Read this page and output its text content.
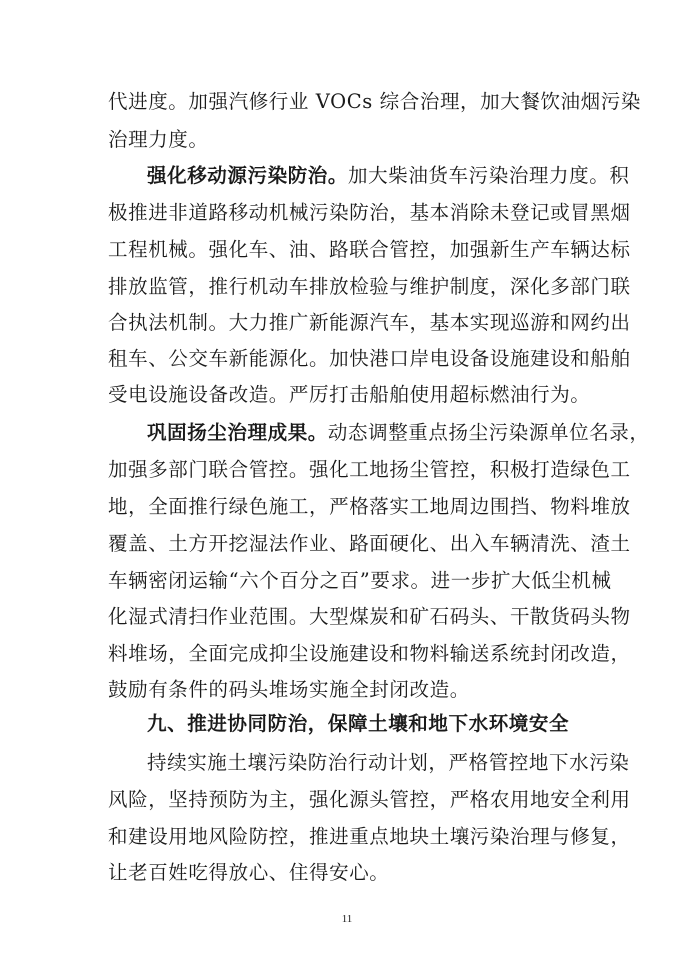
代进度。加强汽修行业 VOCs 综合治理，加大餐饮油烟污染
治理力度。
强化移动源污染防治。加大柴油货车污染治理力度。积
极推进非道路移动机械污染防治，基本消除未登记或冒黑烟
工程机械。强化车、油、路联合管控，加强新生产车辆达标
排放监管，推行机动车排放检验与维护制度，深化多部门联
合执法机制。大力推广新能源汽车，基本实现巡游和网约出
租车、公交车新能源化。加快港口岸电设备设施建设和船舶
受电设施设备改造。严厉打击船舶使用超标燃油行为。
巩固扬尘治理成果。动态调整重点扬尘污染源单位名录，
加强多部门联合管控。强化工地扬尘管控，积极打造绿色工
地，全面推行绿色施工，严格落实工地周边围挡、物料堆放
覆盖、土方开挖湿法作业、路面硬化、出入车辆清洗、渣土
车辆密闭运输“六个百分之百”要求。进一步扩大低尘机械
化湿式清扫作业范围。大型煤炭和矿石码头、干散货码头物
料堆场，全面完成抑尘设施建设和物料输送系统封闭改造，
鼓励有条件的码头堆场实施全封闭改造。
九、推进协同防治，保障土壤和地下水环境安全
持续实施土壤污染防治行动计划，严格管控地下水污染
风险，坚持预防为主，强化源头管控，严格农用地安全利用
和建设用地风险防控，推进重点地块土壤污染治理与修复，
让老百姓吃得放心、住得安心。
11
